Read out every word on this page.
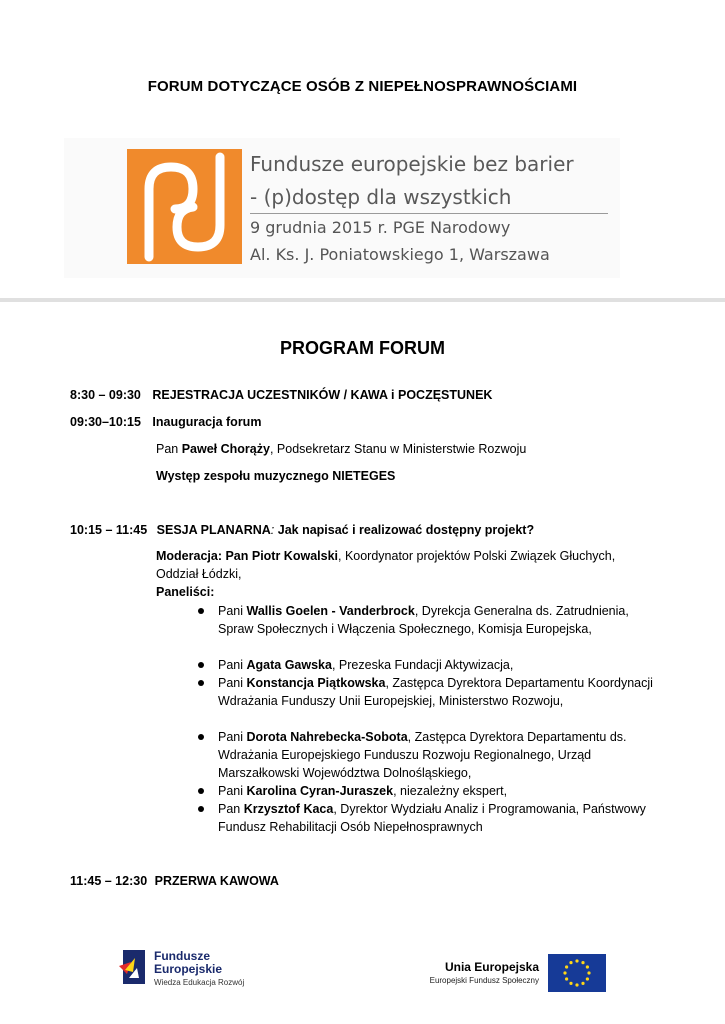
FORUM DOTYCZĄCE OSÓB Z NIEPEŁNOSPRAWNOŚCIAMI
Fundusze europejskie bez barier
- (p)dostęp dla wszystkich
9 grudnia 2015 r. PGE Narodowy
Al. Ks. J. Poniatowskiego 1, Warszawa
PROGRAM FORUM
8:30 – 09:30 REJESTRACJA UCZESTNIKÓW / KAWA i POCZĘSTUNEK
09:30–10:15 Inauguracja forum
Pan Paweł Chorąży, Podsekretarz Stanu w Ministerstwie Rozwoju
Występ zespołu muzycznego NIETEGES
10:15 – 11:45 SESJA PLANARNA: Jak napisać i realizować dostępny projekt?
Moderacja: Pan Piotr Kowalski, Koordynator projektów Polski Związek Głuchych,
Oddział Łódzki,
Paneliści:
Pani Wallis Goelen - Vanderbrock, Dyrekcja Generalna ds. Zatrudnienia, Spraw Społecznych i Włączenia Społecznego, Komisja Europejska,
Pani Agata Gawska, Prezeska Fundacji Aktywizacja,
Pani Konstancja Piątkowska, Zastępca Dyrektora Departamentu Koordynacji Wdrażania Funduszy Unii Europejskiej, Ministerstwo Rozwoju,
Pani Dorota Nahrebecka-Sobota, Zastępca Dyrektora Departamentu ds. Wdrażania Europejskiego Funduszu Rozwoju Regionalnego, Urząd Marszałkowski Województwa Dolnośląskiego,
Pani Karolina Cyran-Juraszek, niezależny ekspert,
Pan Krzysztof Kaca, Dyrektor Wydziału Analiz i Programowania, Państwowy Fundusz Rehabilitacji Osób Niepełnosprawnych
11:45 – 12:30 PRZERWA KAWOWA
Fundusze
Europejskie
Wiedza Edukacja Rozwój
Unia Europejska
Europejski Fundusz Społeczny
